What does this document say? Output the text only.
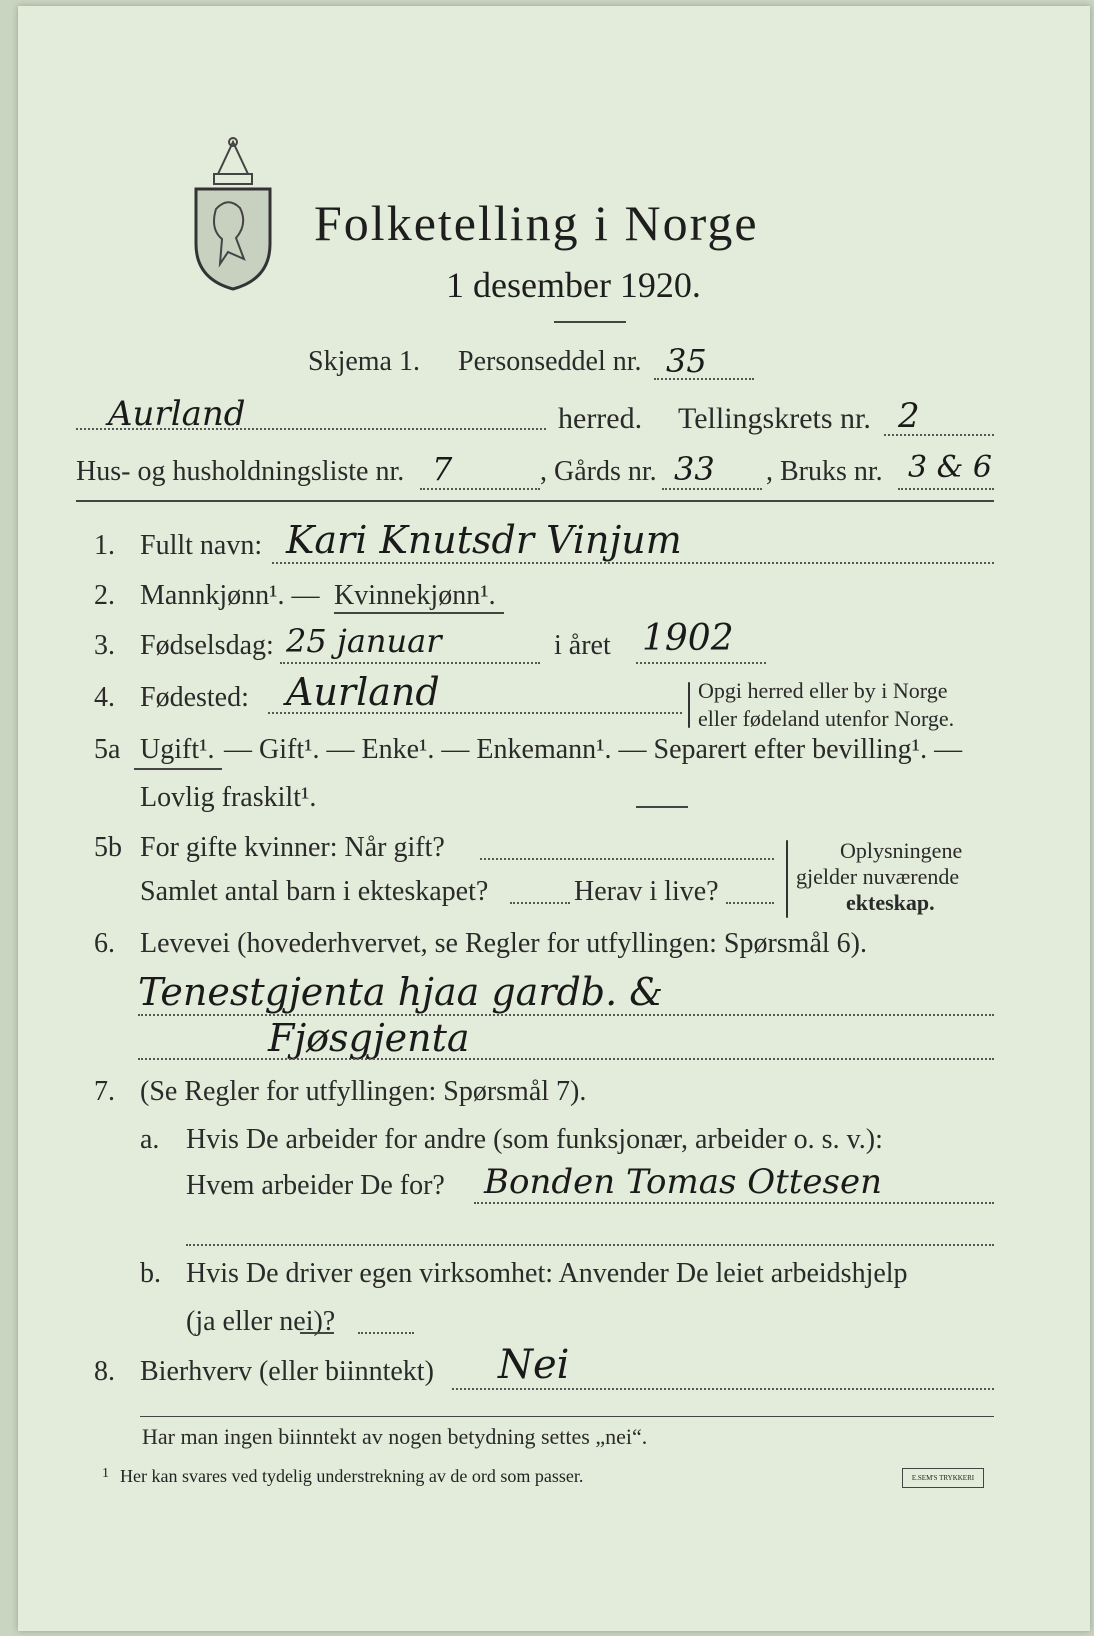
Folketelling i Norge
1 desember 1920.
Skjema 1. Personseddel nr. 35
Aurland	herred. Tellingskrets nr. 2
Hus- og husholdningsliste nr. 7	, Gårds nr. 33 , Bruks nr. 3 & 6
1. Fullt navn: Kari Knutsdr Vinjum
2. Mannkjønn¹. — Kvinnekjønn¹.
3. Fødselsdag: 25 januar	i året 1902
4. Fødested: Aurland	Opgi herred eller by i Norge
eller fødeland utenfor Norge.
5a Ugift¹. — Gift¹. — Enke¹. — Enkemann¹. — Separert efter bevilling¹. —
Lovlig fraskilt¹.
5b For gifte kvinner: Når gift?
Samlet antal barn i ekteskapet?	Herav i live?
Oplysningene
gjelder nuværende
ekteskap.
6. Levevei (hovederhvervet, se Regler for utfyllingen: Spørsmål 6).
Tenestgjenta hjaa gardb. &
Fjøsgjenta
7. (Se Regler for utfyllingen: Spørsmål 7).
a. Hvis De arbeider for andre (som funksjonær, arbeider o. s. v.):
Hvem arbeider De for? Bonden Tomas Ottesen
b. Hvis De driver egen virksomhet: Anvender De leiet arbeidshjelp
(ja eller nei)?
8. Bierhverv (eller biinntekt) Nei
Har man ingen biinntekt av nogen betydning settes „nei“.
1 Her kan svares ved tydelig understrekning av de ord som passer.	E.SEM'S TRYKKERI
